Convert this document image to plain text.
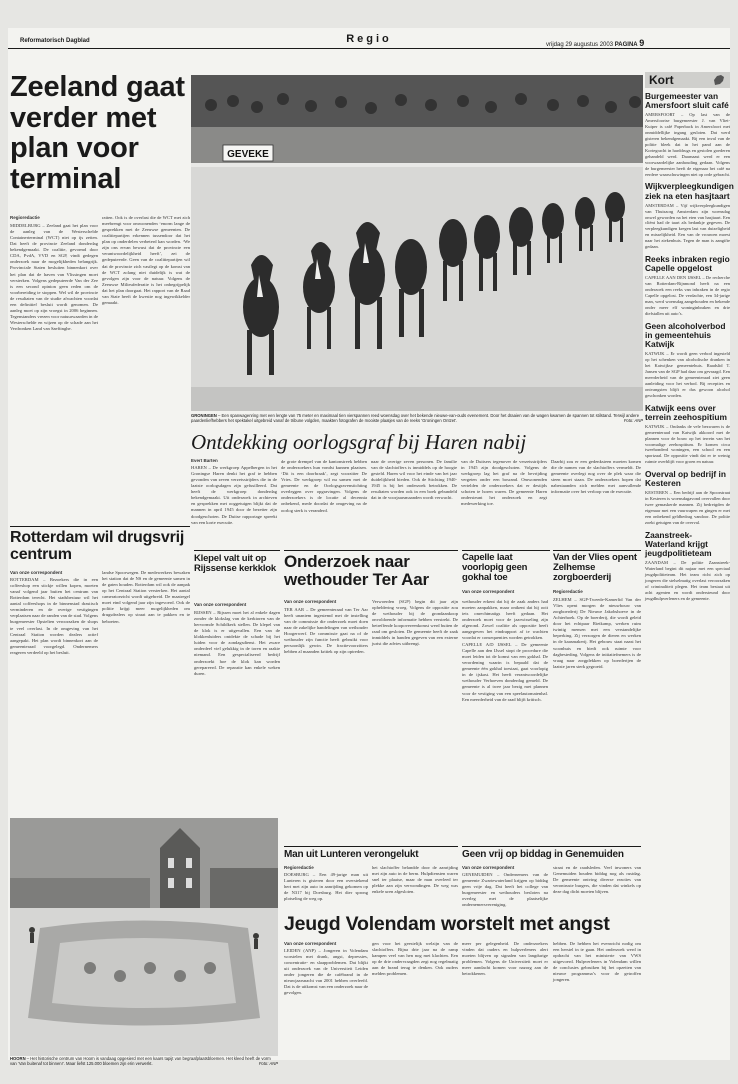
Reformatorisch Dagblad	Regio	vrijdag 29 augustus 2003 PAGINA 9
Zeeland gaat verder met plan voor terminal
Regioredactie
MIDDELBURG – Zeeland gaat het plan voor de aanleg van de Westerschelde Containerterminal (WCT) niet op ijs zetten. Dat heeft de provincie Zeeland donderdag bekendgemaakt. De coalitie, gevormd door CDA, PvdA, VVD en SGP, vindt gedegen onderzoek naar de mogelijkheden belangrijk. Provinciale Staten besluiten binnenkort over het plan dat de haven van Vlissingen moet versterken. Volgens gedeputeerde Van der Zee is een second opinion geen reden om de voorbereiding te stoppen. Wel wil de provincie de resultaten van de studie afwachten voordat een definitief besluit wordt genomen. De aanleg moet op zijn vroegst in 2006 beginnen. Tegenstanders vrezen voor natuurwaarden in de Westerschelde en wijzen op de schade aan het Verdronken Land van Saeftinghe.
ratten. Ook is de overlast die de WCT met zich meebrengt voor omwonenden ‘enorm lange de gesprekken met de Zeeuwse gemeenten. De coalitiepartijen erkennen tussendoor dat het plan op onderdelen verbeterd kan worden. ‘We zijn ons ervan bewust dat de provincie een verantwoordelijkheid heeft’, zei de gedeputeerde. Geen van de coalitiepartijen wil dat de provincie zich vastlegt op de komst van de WCT zolang niet duidelijk is wat de gevolgen zijn voor de natuur. Volgens de Zeeuwse Milieufederatie is het onbegrijpelijk dat het plan doorgaat. Het rapport van de Raad van State heeft de kwestie nog ingewikkelder gemaakt.
GEVEKE
GRONINGEN – Een spanwagenring met een lengte van 75 meter en maximaal tien vierspannen reed woensdag over het bekende nieuwe-van-ouds evenement. Door het draaien van de wagen kwamen de spannen tot stilstand. Terwijl andere paardenliefhebbers het spektakel uitgebreid vanaf de tribune volgden, maakten fotografen de mooiste plaatjes van de reeks ‘Groningen Ontzet’.	Foto: ANP
Kort
Burgemeester van Amersfoort sluit café

AMERSFOORT – Op last van de Amersfoortse burgemeester J. van Vliet-Kuiper is café Paperback in Amersfoort met onmiddellijke ingang gesloten. Dat werd gisteren bekendgemaakt. Bij een inval van de politie bleek dat in het pand aan de Kortegracht in harddrugs en gestolen goederen gehandeld werd. Daarnaast werd er een voorwaardelijke aanhouding gedaan. Volgens de burgemeester heeft de eigenaar het café na eerdere waarschuwingen niet op orde gebracht.

Wijkverpleegkundigen ziek na eten hasjtaart

AMSTERDAM – Vijf wijkverpleegkundigen van Thuiszorg Amsterdam zijn woensdag onwel geworden na het eten van hasjtaart. Een cliënt had de taart als bedankje gegeven. De verpleegkundigen kregen last van duizeligheid en misselijkheid. Een van de vrouwen moest naar het ziekenhuis. Tegen de man is aangifte gedaan.

Reeks inbraken regio Capelle opgelost

CAPELLE AAN DEN IJSSEL – De recherche van Rotterdam-Rijnmond heeft na een onderzoek een reeks van inbraken in de regio Capelle opgelost. De verdachte, een 34-jarige man, werd woensdag aangehouden en bekende onder meer elf woninginbraken en drie diefstallen uit auto’s.

Geen alcoholverbod in gemeentehuis Katwijk

KATWIJK – Er wordt geen verbod ingesteld op het schenken van alcoholische dranken in het Katwijkse gemeentehuis. Raadslid T. Jansen van de SGP had daar om gevraagd. Een meerderheid van de gemeenteraad ziet geen aanleiding voor het verbod. Bij recepties en ontvangsten blijft er dus gewoon alcohol geschonken worden.

Katwijk eens over terrein zeehospitium

KATWIJK – Ondanks de vele bezwaren is de gemeenteraad van Katwijk akkoord met de plannen voor de bouw op het terrein van het voormalige zeehospitium. Er komen circa tweehonderd woningen, een school en een sportzaal. De oppositie vindt dat er te weinig ruimte overblijft voor groen en natuur.

Overval op bedrijf in Kesteren

KESTEREN – Een bedrijf aan de Spoorstraat in Kesteren is woensdagavond overvallen door twee gemaskerde mannen. Zij bedreigden de eigenaar met een vuurwapen en gingen er met een onbekend geldbedrag vandoor. De politie zoekt getuigen van de overval.

Zaanstreek-Waterland krijgt jeugdpolitieteam

ZAANDAM – De politie Zaanstreek-Waterland begint dit najaar met een speciaal jeugdpolitieteam. Het team richt zich op jongeren die stelselmatig overlast veroorzaken of criminaliteit plegen. Het team bestaat uit acht agenten en wordt ondersteund door jeugdhulpverleners en de gemeente.

Ontdekking oorlogsgraf bij Haren nabij
Evert Barten
HAREN – De werkgroep Appelbergen in het Groningse Haren denkt het graf te hebben gevonden van zeven verzetsstrijders die in de laatste oorlogsdagen zijn gefusilleerd. Dat heeft de werkgroep donderdag bekendgemaakt. Uit onderzoek in archieven en gesprekken met ooggetuigen blijkt dat de mannen in april 1945 door de bezetter zijn doodgeschoten. De Duitse rapportage spreekt van een korte executie.
de grote drempel van de kantonstreek hebben de onderzoekers hun vondst kunnen plaatsen. ‘Dit is een doorbraak’, zegt voorzitter De Vries. De werkgroep wil nu samen met de gemeente en de Oorlogsgravenstichting overleggen over opgravingen. Volgens de onderzoekers is de locatie al decennia onbekend, mede doordat de omgeving na de oorlog sterk is veranderd.
naar de overige zeven personen. De familie van de slachtoffers is inmiddels op de hoogte gesteld. Haren wil voor het einde van het jaar duidelijkheid bieden. Ook de Stichting 1940-1945 is bij het onderzoek betrokken. De resultaten worden ook in een boek gebundeld dat in de voorjaarsmaanden wordt verwacht.
van de Duitsers tegenover de verzetsstrijders in 1945 zijn doodgeschoten. Volgens de werkgroep lag het graf na de bevrijding vergeten onder een bosrand. Omwonenden vertelden de onderzoekers dat er destijds schoten te horen waren. De gemeente Haren ondersteunt het onderzoek en zegt medewerking toe.
Daarbij zou er een gedenksteen moeten komen die de namen van de slachtoffers vermeldt. De gemeente overlegt nog over de plek waar die steen moet staan. De onderzoekers hopen dat nabestaanden zich melden met aanvullende informatie over het verloop van de executie.
Rotterdam wil drugsvrij centrum
Van onze correspondent
ROTTERDAM – Bezoekers die in een coffeeshop een stickje willen kopen, moeten vanaf volgend jaar buiten het centrum van Rotterdam terecht. Het stadsbestuur wil het aantal coffeeshops in de binnenstad drastisch verminderen en de overige vestigingen verplaatsen naar de randen van de stad. Volgens burgemeester Opstelten veroorzaken de shops te veel overlast. In de omgeving van het Centraal Station worden dealers actief aangepakt. Het plan wordt binnenkort aan de gemeenteraad voorgelegd. Ondernemers reageren verdeeld op het besluit.
landse Spoorwegen. De medewerkers bewaken het station dat de NS en de gemeente samen in de gaten houden. Rotterdam wil ook de aanpak op het Centraal Station versterken. Het aantal cameratoezicht wordt uitgebreid. De maatregel moet eind volgend jaar zijn ingevoerd. Ook de politie krijgt meer mogelijkheden om drugsdealers op straat aan te pakken en te beboeten.
Klepel valt uit op Rijssense kerkklok
Van onze correspondent
RIJSSEN – Rijssen moet het al enkele dagen zonder de klokslag van de kerktoren van de hervormde Schildkerk stellen. De klepel van de klok is er uitgevallen. Een van de klokkenluiders ontdekte de schade bij het luiden voor de zondagsdienst. Het zware onderdeel viel gelukkig in de toren en raakte niemand. Een gespecialiseerd bedrijf onderzoekt hoe de klok kan worden gerepareerd. De reparatie kan enkele weken duren.
Onderzoek naar wethouder Ter Aar
Van onze correspondent
TER AAR – De gemeenteraad van Ter Aar heeft unaniem ingestemd met de instelling van de commissie die onderzoek moet doen naar de zakelijke handelingen van wethouder Hoogerwerf. De commissie gaat na of de wethouder zijn functie heeft gebruikt voor persoonlijk gewin. De fractievoorzitters hebben al maanden kritiek op zijn optreden.
Verwoerden (SGP) begin dit jaar zijn opheldering vroeg. Volgens de oppositie zou de wethouder bij de grondaankoop onvoldoende informatie hebben verstrekt. De betreffende koopovereenkomst werd buiten de raad om gesloten. De gemeente heeft de zaak inmiddels in handen gegeven van een externe jurist die advies uitbrengt.
wethouder erkent dat hij de zaak anders had moeten aanpakken, maar ontkent dat hij ooit iets onrechtmatigs heeft gedaan. Het onderzoek moet voor de jaarwisseling zijn afgerond. Zowel coalitie als oppositie heeft aangegeven het eindrapport af te wachten voordat er consequenties worden getrokken.
Capelle laat voorlopig geen gokhal toe
Van onze correspondent
CAPELLE A/D IJSSEL – De gemeente Capelle aan den IJssel stopt de procedure die moet leiden tot de komst van een gokhal. De verordening waarin is bepaald dat de gemeente één gokhal toestaat, gaat voorlopig in de ijskast. Het heeft verantwoordelijke wethouder Verhoeven donderdag gemeld. De gemeente is al twee jaar bezig met plannen voor de vestiging van een speelautomatenhal. Een meerderheid van de raad blijft kritisch.
Van der Vlies opent Zelhemse zorgboerderij
Regioredactie
ZELHEM – SGP-Tweede-Kamerlid Van der Vlies opent morgen de nieuwbouw van zorgboerderij De Nieuwe Jakobshoeve in de Achterhoek. Op de boerderij, die wordt geleid door het echtpaar Rietkamp, werken ruim twintig mensen met een verstandelijke beperking. Zij verzorgen de dieren en werken in de kaasmakerij. Het gebouw staat naast het woonhuis en biedt ook ruimte voor dagbesteding. Volgens de initiatiefnemers is de vraag naar zorgplekken op boerderijen de laatste jaren sterk gegroeid.
HOORN – Het historische centrum van Hoorn is vandaag opgesierd met een kaars tapijt van begraafplaatsbloemen. Het kleed heeft de vorm van ‘Van buitenaf tot binnen!’. Maar liefst 125.000 bloemen zijn erin verwerkt.	Foto: ANP
Man uit Lunteren verongelukt
Regioredactie
DOESBURG – Een 49-jarige man uit Lunteren is gisteren door een overstekend hert met zijn auto in aanrijding gekomen op de N317 bij Doesburg. Het dier sprong plotseling de weg op.
het slachtoffer belandde door de aanrijding met zijn auto in de berm. Hulpdiensten waren snel ter plaatse, maar de man overleed ter plekke aan zijn verwondingen. De weg was enkele uren afgesloten.
Geen vrij op biddag in Genemuiden
Van onze correspondent
GENEMUIDEN – Ondernemers van de gemeente Zwartewaterland krijgen op biddag geen vrije dag. Dat heeft het college van burgemeester en wethouders besloten na overleg met de plaatselijke ondernemersvereniging.
straat en de raadsleden. Veel inwoners van Genemuiden houden biddag nog als rustdag. De gemeente ontving diverse reacties van verontruste burgers, die vinden dat winkels op deze dag dicht moeten blijven.
Jeugd Volendam worstelt met angst
Van onze correspondent
LEIDEN (ANP) – Jongeren in Volendam worstelen met drank, angst, depressies, concentratie- en slaapproblemen. Dat blijkt uit onderzoek van de Universiteit Leiden onder jongeren die de cafébrand in de nieuwjaarsnacht van 2001 hebben overleefd. Dat is de uitkomst van een onderzoek naar de gevolgen.
gen voor het geestelijk welzijn van de slachtoffers. Bijna drie jaar na de ramp kampen veel van hen nog met klachten. Een op de drie ondervraagden zegt nog regelmatig aan de brand terug te denken. Ook ouders melden problemen.
meer per gelegenheid. De onderzoekers vinden dat ouders en hulpverleners alert moeten blijven op signalen van langdurige problemen. Volgens de Universiteit moet er meer aandacht komen voor nazorg aan de betrokkenen.
hebben. De hebben het evenwicht nodig om een herstel in te gaan. Het onderzoek werd in opdracht van het ministerie van VWS uitgevoerd. Hulpverleners in Volendam willen de conclusies gebruiken bij het opzetten van nieuwe programma’s voor de getroffen jongeren.
